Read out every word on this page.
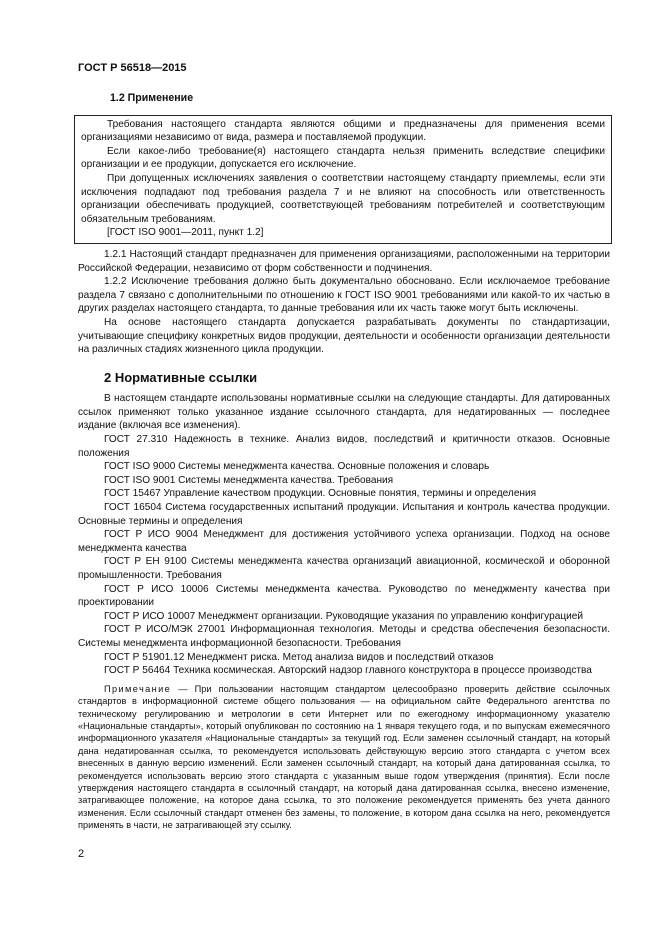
ГОСТ Р 56518—2015
1.2 Применение

Требования настоящего стандарта являются общими и предназначены для применения всеми организациями независимо от вида, размера и поставляемой продукции.

Если какое-либо требование(я) настоящего стандарта нельзя применить вследствие специфики организации и ее продукции, допускается его исключение.

При допущенных исключениях заявления о соответствии настоящему стандарту приемлемы, если эти исключения подпадают под требования раздела 7 и не влияют на способность или ответственность организации обеспечивать продукцией, соответствующей требованиям потребителей и соответствующим обязательным требованиям.

[ГОСТ ISO 9001—2011, пункт 1.2]

1.2.1 Настоящий стандарт предназначен для применения организациями, расположенными на территории Российской Федерации, независимо от форм собственности и подчинения.

1.2.2 Исключение требования должно быть документально обосновано. Если исключаемое требование раздела 7 связано с дополнительными по отношению к ГОСТ ISO 9001 требованиями или какой-то их частью в других разделах настоящего стандарта, то данные требования или их часть также могут быть исключены.

На основе настоящего стандарта допускается разрабатывать документы по стандартизации, учитывающие специфику конкретных видов продукции, деятельности и особенности организации деятельности на различных стадиях жизненного цикла продукции.

2 Нормативные ссылки

В настоящем стандарте использованы нормативные ссылки на следующие стандарты. Для датированных ссылок применяют только указанное издание ссылочного стандарта, для недатированных — последнее издание (включая все изменения).

ГОСТ 27.310 Надежность в технике. Анализ видов, последствий и критичности отказов. Основные положения

ГОСТ ISO 9000 Системы менеджмента качества. Основные положения и словарь

ГОСТ ISO 9001 Системы менеджмента качества. Требования

ГОСТ 15467 Управление качеством продукции. Основные понятия, термины и определения

ГОСТ 16504 Система государственных испытаний продукции. Испытания и контроль качества продукции. Основные термины и определения

ГОСТ Р ИСО 9004 Менеджмент для достижения устойчивого успеха организации. Подход на основе менеджмента качества

ГОСТ Р ЕН 9100 Системы менеджмента качества организаций авиационной, космической и оборонной промышленности. Требования

ГОСТ Р ИСО 10006 Системы менеджмента качества. Руководство по менеджменту качества при проектировании

ГОСТ Р ИСО 10007 Менеджмент организации. Руководящие указания по управлению конфигурацией

ГОСТ Р ИСО/МЭК 27001 Информационная технология. Методы и средства обеспечения безопасности. Системы менеджмента информационной безопасности. Требования

ГОСТ Р 51901.12 Менеджмент риска. Метод анализа видов и последствий отказов

ГОСТ Р 56464 Техника космическая. Авторский надзор главного конструктора в процессе производства

Примечание — При пользовании настоящим стандартом целесообразно проверить действие ссылочных стандартов в информационной системе общего пользования — на официальном сайте Федерального агентства по техническому регулированию и метрологии в сети Интернет или по ежегодному информационному указателю «Национальные стандарты», который опубликован по состоянию на 1 января текущего года, и по выпускам ежемесячного информационного указателя «Национальные стандарты» за текущий год. Если заменен ссылочный стандарт, на который дана недатированная ссылка, то рекомендуется использовать действующую версию этого стандарта с учетом всех внесенных в данную версию изменений. Если заменен ссылочный стандарт, на который дана датированная ссылка, то рекомендуется использовать версию этого стандарта с указанным выше годом утверждения (принятия). Если после утверждения настоящего стандарта в ссылочный стандарт, на который дана датированная ссылка, внесено изменение, затрагивающее положение, на которое дана ссылка, то это положение рекомендуется применять без учета данного изменения. Если ссылочный стандарт отменен без замены, то положение, в котором дана ссылка на него, рекомендуется применять в части, не затрагивающей эту ссылку.
2
